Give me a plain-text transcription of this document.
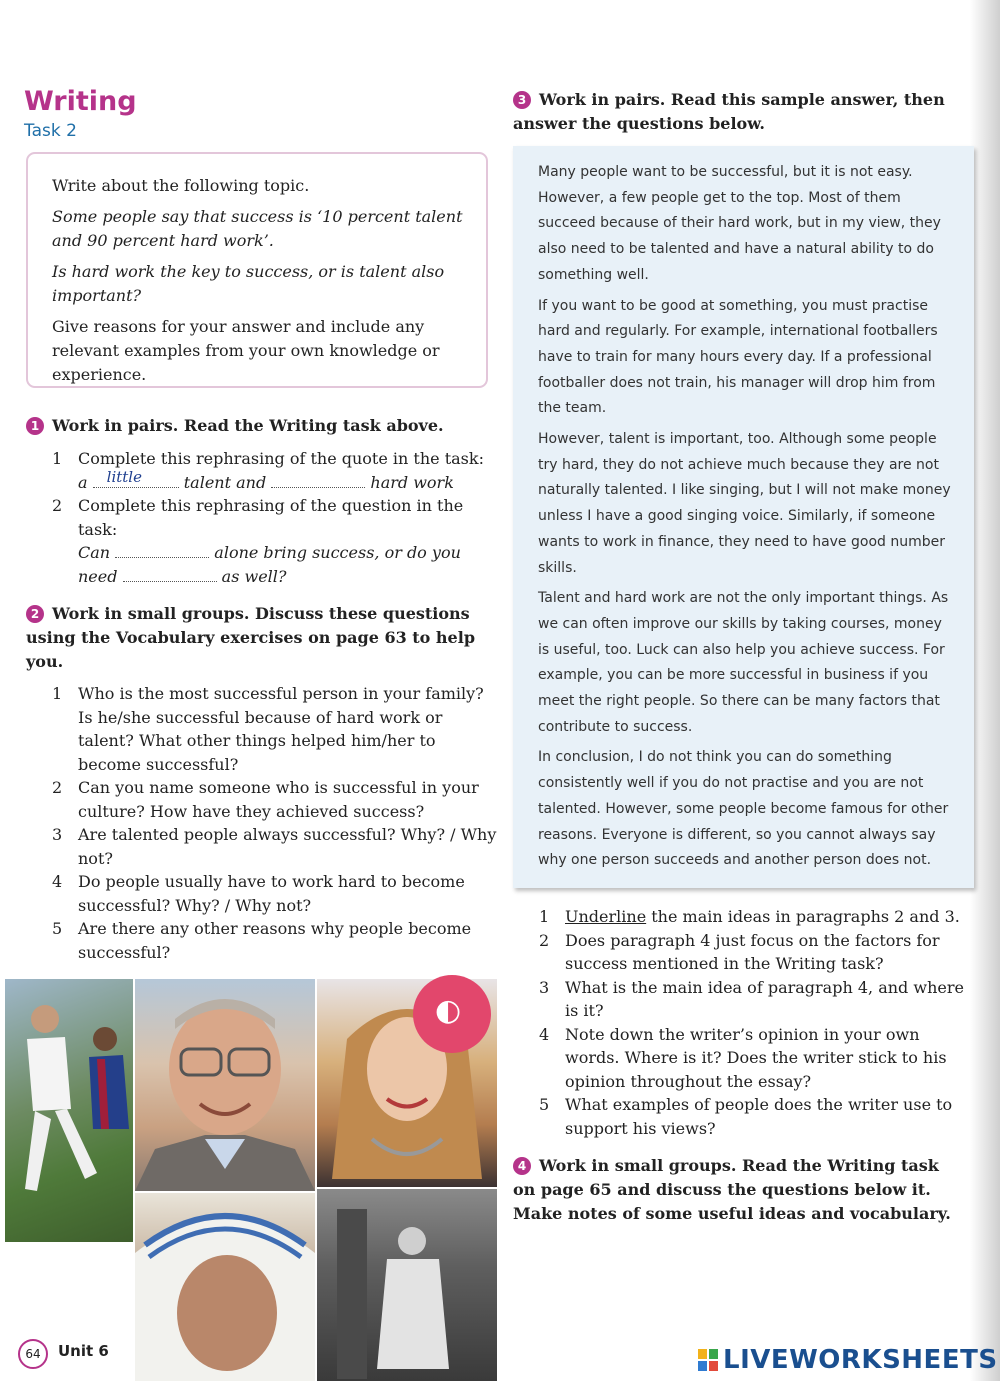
Writing
Task 2

Write about the following topic.

Some people say that success is ‘10 percent talent and 90 percent hard work’.

Is hard work the key to success, or is talent also important?

Give reasons for your answer and include any relevant examples from your own knowledge or experience.

1 Work in pairs. Read the Writing task above.
1 Complete this rephrasing of the quote in the task:
a little	talent and	hard work
2 Complete this rephrasing of the question in the task:
Can	alone bring success, or do you
need	as well?
2 Work in small groups. Discuss these questions using the Vocabulary exercises on page 63 to help you.
1 Who is the most successful person in your family? Is he/she successful because of hard work or talent? What other things helped him/her to become successful?
2 Can you name someone who is successful in your culture? How have they achieved success?
3 Are talented people always successful? Why? / Why not?
4 Do people usually have to work hard to become successful? Why? / Why not?
5 Are there any other reasons why people become successful?
◐
3 Work in pairs. Read this sample answer, then answer the questions below.

Many people want to be successful, but it is not easy. However, a few people get to the top. Most of them succeed because of their hard work, but in my view, they also need to be talented and have a natural ability to do something well.

If you want to be good at something, you must practise hard and regularly. For example, international footballers have to train for many hours every day. If a professional footballer does not train, his manager will drop him from the team.

However, talent is important, too. Although some people try hard, they do not achieve much because they are not naturally talented. I like singing, but I will not make money unless I have a good singing voice. Similarly, if someone wants to work in finance, they need to have good number skills.

Talent and hard work are not the only important things. As we can often improve our skills by taking courses, money is useful, too. Luck can also help you achieve success. For example, you can be more successful in business if you meet the right people. So there can be many factors that contribute to success.

In conclusion, I do not think you can do something consistently well if you do not practise and you are not talented. However, some people become famous for other reasons. Everyone is different, so you cannot always say why one person succeeds and another person does not.

1 Underline the main ideas in paragraphs 2 and 3.
2 Does paragraph 4 just focus on the factors for success mentioned in the Writing task?
3 What is the main idea of paragraph 4, and where is it?
4 Note down the writer’s opinion in your own words. Where is it? Does the writer stick to his opinion throughout the essay?
5 What examples of people does the writer use to support his views?
4 Work in small groups. Read the Writing task on page 65 and discuss the questions below it. Make notes of some useful ideas and vocabulary.
64	Unit 6	LIVEWORKSHEETS
